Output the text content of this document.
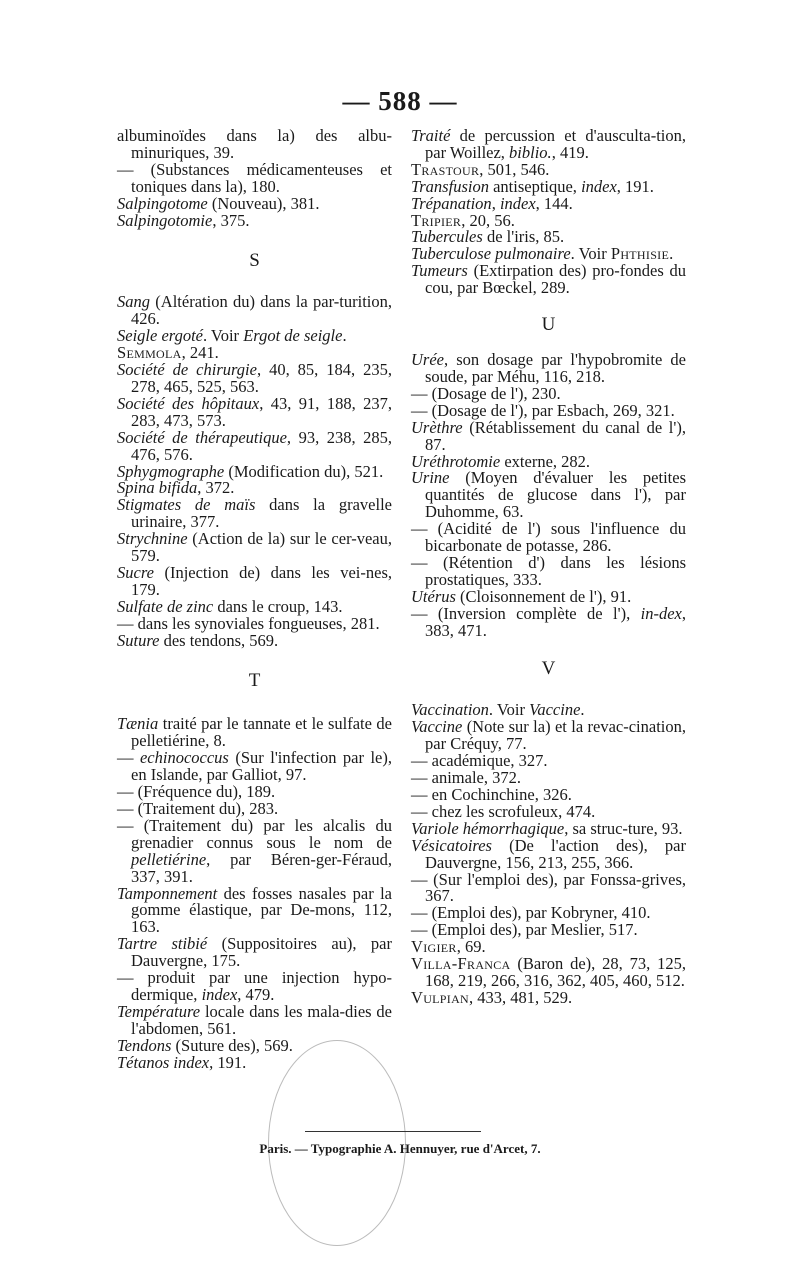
— 588 —
albuminoïdes dans la) des albu-minuriques, 39.
— (Substances médicamenteuses et toniques dans la), 180.
Salpingotome (Nouveau), 381.
Salpingotomie, 375.
S
Sang (Altération du) dans la par-turition, 426.
Seigle ergoté. Voir Ergot de seigle.
Semmola, 241.
Société de chirurgie, 40, 85, 184, 235, 278, 465, 525, 563.
Société des hôpitaux, 43, 91, 188, 237, 283, 473, 573.
Société de thérapeutique, 93, 238, 285, 476, 576.
Sphygmographe (Modification du), 521.
Spina bifida, 372.
Stigmates de maïs dans la gravelle urinaire, 377.
Strychnine (Action de la) sur le cer-veau, 579.
Sucre (Injection de) dans les vei-nes, 179.
Sulfate de zinc dans le croup, 143.
— dans les synoviales fongueuses, 281.
Suture des tendons, 569.
T
Tænia traité par le tannate et le sulfate de pelletiérine, 8.
— echinococcus (Sur l'infection par le), en Islande, par Galliot, 97.
— (Fréquence du), 189.
— (Traitement du), 283.
— (Traitement du) par les alcalis du grenadier connus sous le nom de pelletiérine, par Béren-ger-Féraud, 337, 391.
Tamponnement des fosses nasales par la gomme élastique, par De-mons, 112, 163.
Tartre stibié (Suppositoires au), par Dauvergne, 175.
— produit par une injection hypo-dermique, index, 479.
Température locale dans les mala-dies de l'abdomen, 561.
Tendons (Suture des), 569.
Tétanos index, 191.
Traité de percussion et d'ausculta-tion, par Woillez, biblio., 419.
Trastour, 501, 546.
Transfusion antiseptique, index, 191.
Trépanation, index, 144.
Tripier, 20, 56.
Tubercules de l'iris, 85.
Tuberculose pulmonaire. Voir Phthisie.
Tumeurs (Extirpation des) pro-fondes du cou, par Bœckel, 289.
U
Urée, son dosage par l'hypobromite de soude, par Méhu, 116, 218.
— (Dosage de l'), 230.
— (Dosage de l'), par Esbach, 269, 321.
Urèthre (Rétablissement du canal de l'), 87.
Uréthrotomie externe, 282.
Urine (Moyen d'évaluer les petites quantités de glucose dans l'), par Duhomme, 63.
— (Acidité de l') sous l'influence du bicarbonate de potasse, 286.
— (Rétention d') dans les lésions prostatiques, 333.
Utérus (Cloisonnement de l'), 91.
— (Inversion complète de l'), in-dex, 383, 471.
V
Vaccination. Voir Vaccine.
Vaccine (Note sur la) et la revac-cination, par Créquy, 77.
— académique, 327.
— animale, 372.
— en Cochinchine, 326.
— chez les scrofuleux, 474.
Variole hémorrhagique, sa struc-ture, 93.
Vésicatoires (De l'action des), par Dauvergne, 156, 213, 255, 366.
— (Sur l'emploi des), par Fonssa-grives, 367.
— (Emploi des), par Kobryner, 410.
— (Emploi des), par Meslier, 517.
Vigier, 69.
Villa-Franca (Baron de), 28, 73, 125, 168, 219, 266, 316, 362, 405, 460, 512.
Vulpian, 433, 481, 529.
Paris. — Typographie A. Hennuyer, rue d'Arcet, 7.
